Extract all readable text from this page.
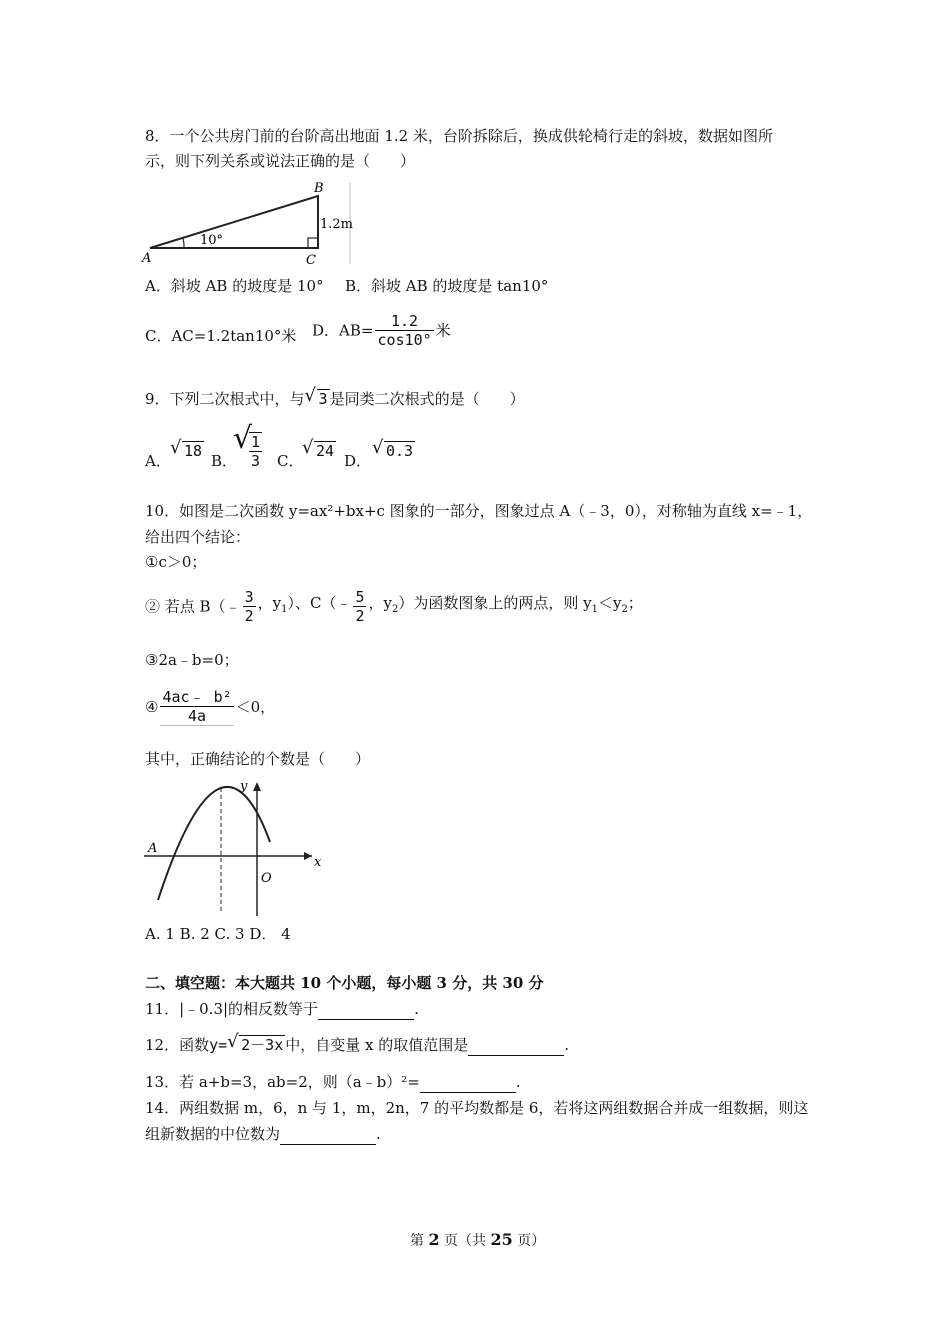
8．一个公共房门前的台阶高出地面 1.2 米，台阶拆除后，换成供轮椅行走的斜坡，数据如图所
示，则下列关系或说法正确的是（　　）
A
B
C
10°
1.2m
A．斜坡 AB 的坡度是 10° B．斜坡 AB 的坡度是 tan10°
C．AC=1.2tan10°米 D．$AB= \frac{1.2}{\cos 10^\circ}$ 米
9．下列二次根式中，与 √ 3 是同类二次根式的是（　　）
A．
√ 18
B．
√
$\frac{1}{3}$ C．
√ 24
D．
√ 0.3
10．如图是二次函数 y=ax²+bx+c 图象的一部分，图象过点 A（﹣3，0），对称轴为直线 x=﹣1，
给出四个结论：
①c＞0；
② 若点 B（﹣ $\frac{3}{2}$ ，$y_1$）、C（﹣ $\frac{5}{2}$ ，$y_2$）为函数图象上的两点，则 $y_1<y_2$；
③2a﹣b=0；
④ $\frac{\text{4ac﹣ b²}}{4a} <0$，
其中，正确结论的个数是（　　）
y
x
A
O
A. 1 B. 2 C. 3 D． 4
二、填空题：本大题共 10 个小题，每小题 3 分，共 30 分
11．|﹣0.3|的相反数等于	.
12．函数y= √ 2－3x 中，自变量 x 的取值范围是	.
13．若 a+b=3，ab=2，则（a﹣b）²=	.
14．两组数据 m，6，n 与 1，m，2n，7 的平均数都是 6，若将这两组数据合并成一组数据，则这
组新数据的中位数为	.
第 2 页（共 25 页）
